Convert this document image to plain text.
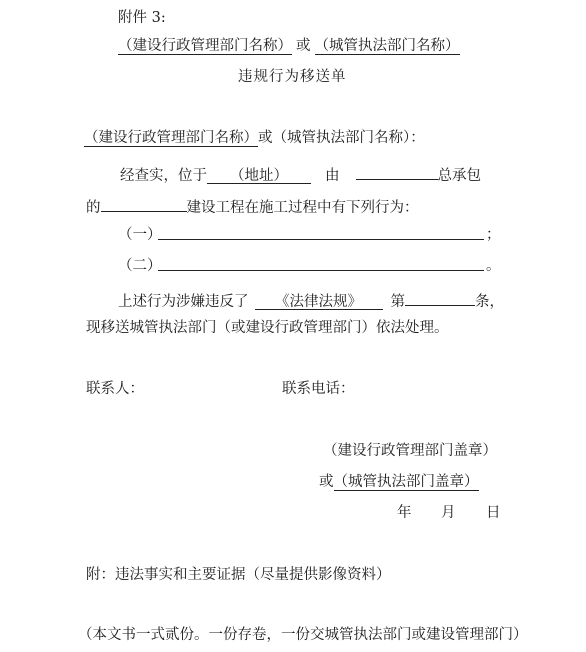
附件 3:
（建设行政管理部门名称） 或 （城管执法部门名称）
违规行为移送单
（建设行政管理部门名称）或（城管执法部门名称）：
经查实，位于 （地址）	由	总承包
的	建设工程在施工过程中有下列行为：
（一）	；
（二）	。
上述行为涉嫌违反了 《法律法规》 第	条，
现移送城管执法部门（或建设行政管理部门）依法处理。
联系人：	联系电话：
（建设行政管理部门盖章）
或（城管执法部门盖章）
年 月 日
附：违法事实和主要证据（尽量提供影像资料）
（本文书一式贰份。一份存卷，一份交城管执法部门或建设管理部门）
